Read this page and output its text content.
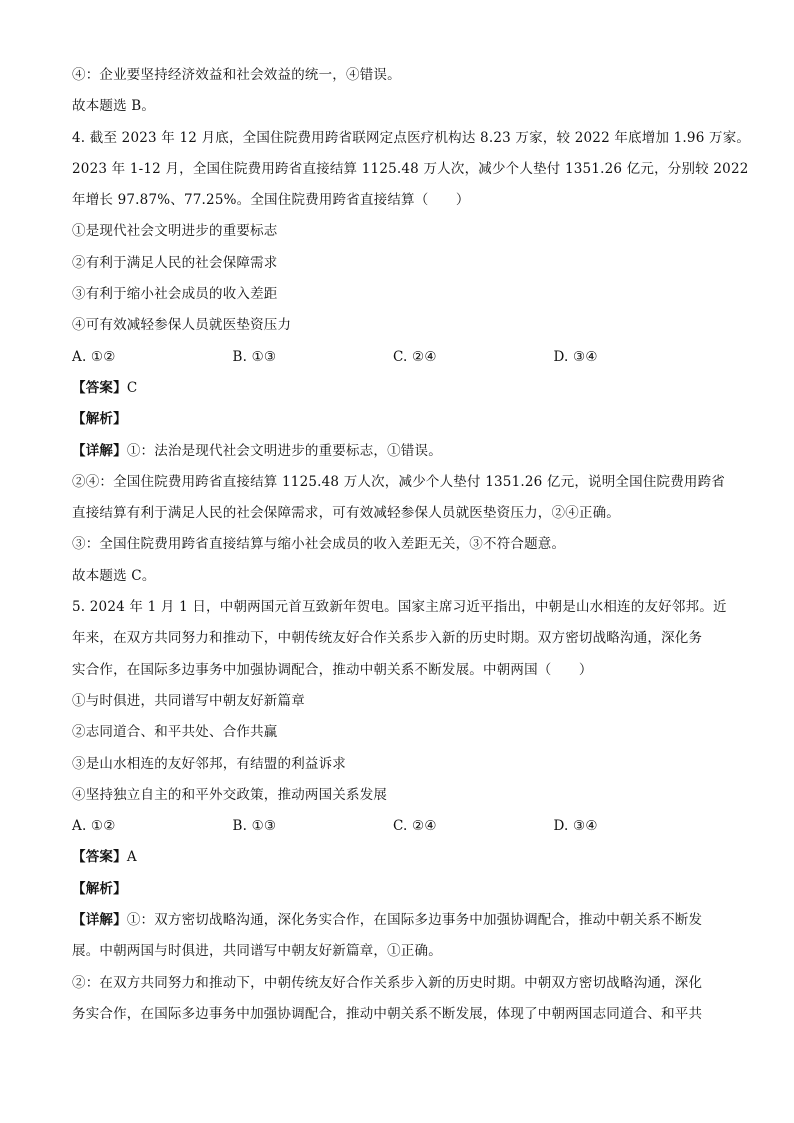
④：企业要坚持经济效益和社会效益的统一，④错误。
故本题选 B。
4. 截至 2023 年 12 月底，全国住院费用跨省联网定点医疗机构达 8.23 万家，较 2022 年底增加 1.96 万家。
2023 年 1-12 月，全国住院费用跨省直接结算 1125.48 万人次，减少个人垫付 1351.26 亿元，分别较 2022
年增长 97.87%、77.25%。全国住院费用跨省直接结算（　　）
①是现代社会文明进步的重要标志
②有利于满足人民的社会保障需求
③有利于缩小社会成员的收入差距
④可有效减轻参保人员就医垫资压力
A. ①②	B. ①③	C. ②④	D. ③④
【答案】C
【解析】
【详解】①：法治是现代社会文明进步的重要标志，①错误。
②④：全国住院费用跨省直接结算 1125.48 万人次，减少个人垫付 1351.26 亿元，说明全国住院费用跨省
直接结算有利于满足人民的社会保障需求，可有效减轻参保人员就医垫资压力，②④正确。
③：全国住院费用跨省直接结算与缩小社会成员的收入差距无关，③不符合题意。
故本题选 C。
5. 2024 年 1 月 1 日，中朝两国元首互致新年贺电。国家主席习近平指出，中朝是山水相连的友好邻邦。近
年来，在双方共同努力和推动下，中朝传统友好合作关系步入新的历史时期。双方密切战略沟通，深化务
实合作，在国际多边事务中加强协调配合，推动中朝关系不断发展。中朝两国（　　）
①与时俱进，共同谱写中朝友好新篇章
②志同道合、和平共处、合作共赢
③是山水相连的友好邻邦，有结盟的利益诉求
④坚持独立自主的和平外交政策，推动两国关系发展
A. ①②	B. ①③	C. ②④	D. ③④
【答案】A
【解析】
【详解】①：双方密切战略沟通，深化务实合作，在国际多边事务中加强协调配合，推动中朝关系不断发
展。中朝两国与时俱进，共同谱写中朝友好新篇章，①正确。
②：在双方共同努力和推动下，中朝传统友好合作关系步入新的历史时期。中朝双方密切战略沟通，深化
务实合作，在国际多边事务中加强协调配合，推动中朝关系不断发展，体现了中朝两国志同道合、和平共
